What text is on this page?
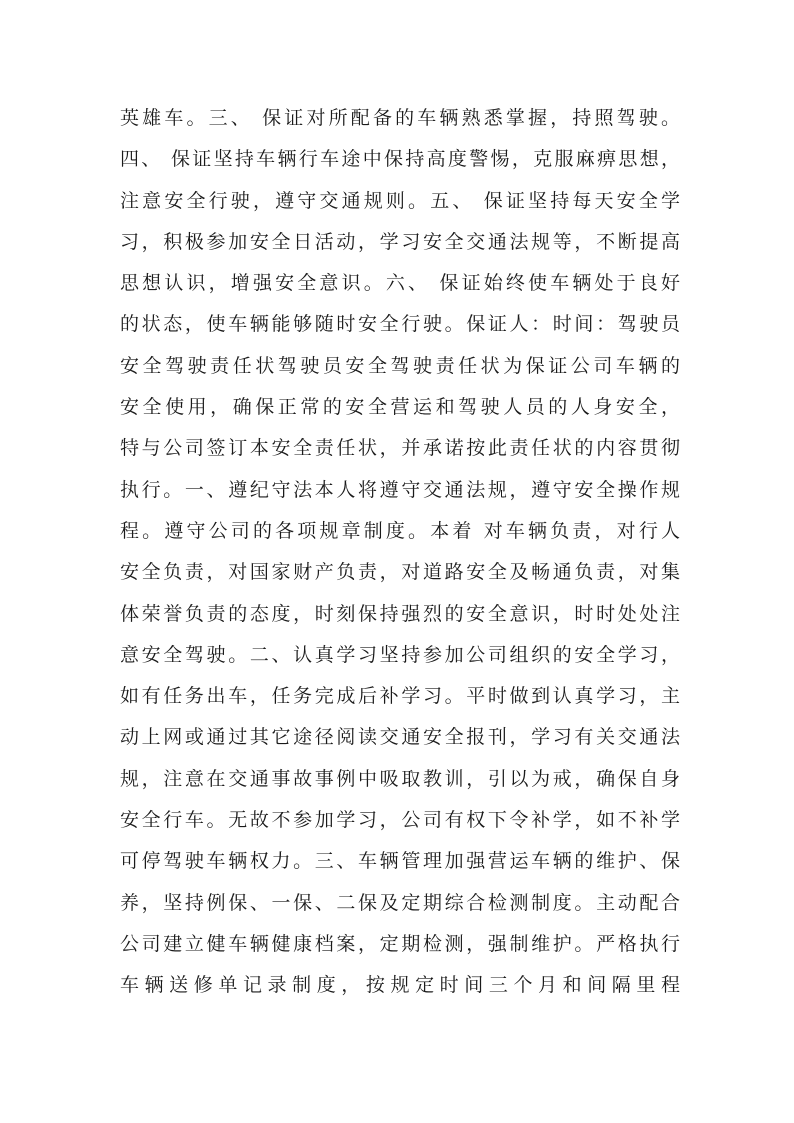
英雄车。三、 保证对所配备的车辆熟悉掌握，持照驾驶。
四、 保证坚持车辆行车途中保持高度警惕，克服麻痹思想，
注意安全行驶，遵守交通规则。五、 保证坚持每天安全学
习，积极参加安全日活动，学习安全交通法规等，不断提高
思想认识，增强安全意识。六、 保证始终使车辆处于良好
的状态，使车辆能够随时安全行驶。保证人：时间：驾驶员
安全驾驶责任状驾驶员安全驾驶责任状为保证公司车辆的
安全使用，确保正常的安全营运和驾驶人员的人身安全，
特与公司签订本安全责任状，并承诺按此责任状的内容贯彻
执行。一、遵纪守法本人将遵守交通法规，遵守安全操作规
程。遵守公司的各项规章制度。本着 对车辆负责，对行人
安全负责，对国家财产负责，对道路安全及畅通负责，对集
体荣誉负责的态度，时刻保持强烈的安全意识，时时处处注
意安全驾驶。二、认真学习坚持参加公司组织的安全学习，
如有任务出车，任务完成后补学习。平时做到认真学习，主
动上网或通过其它途径阅读交通安全报刊，学习有关交通法
规，注意在交通事故事例中吸取教训，引以为戒，确保自身
安全行车。无故不参加学习，公司有权下令补学，如不补学
可停驾驶车辆权力。三、车辆管理加强营运车辆的维护、保
养，坚持例保、一保、二保及定期综合检测制度。主动配合
公司建立健车辆健康档案，定期检测，强制维护。严格执行
车辆送修单记录制度，按规定时间三个月和间隔里程
